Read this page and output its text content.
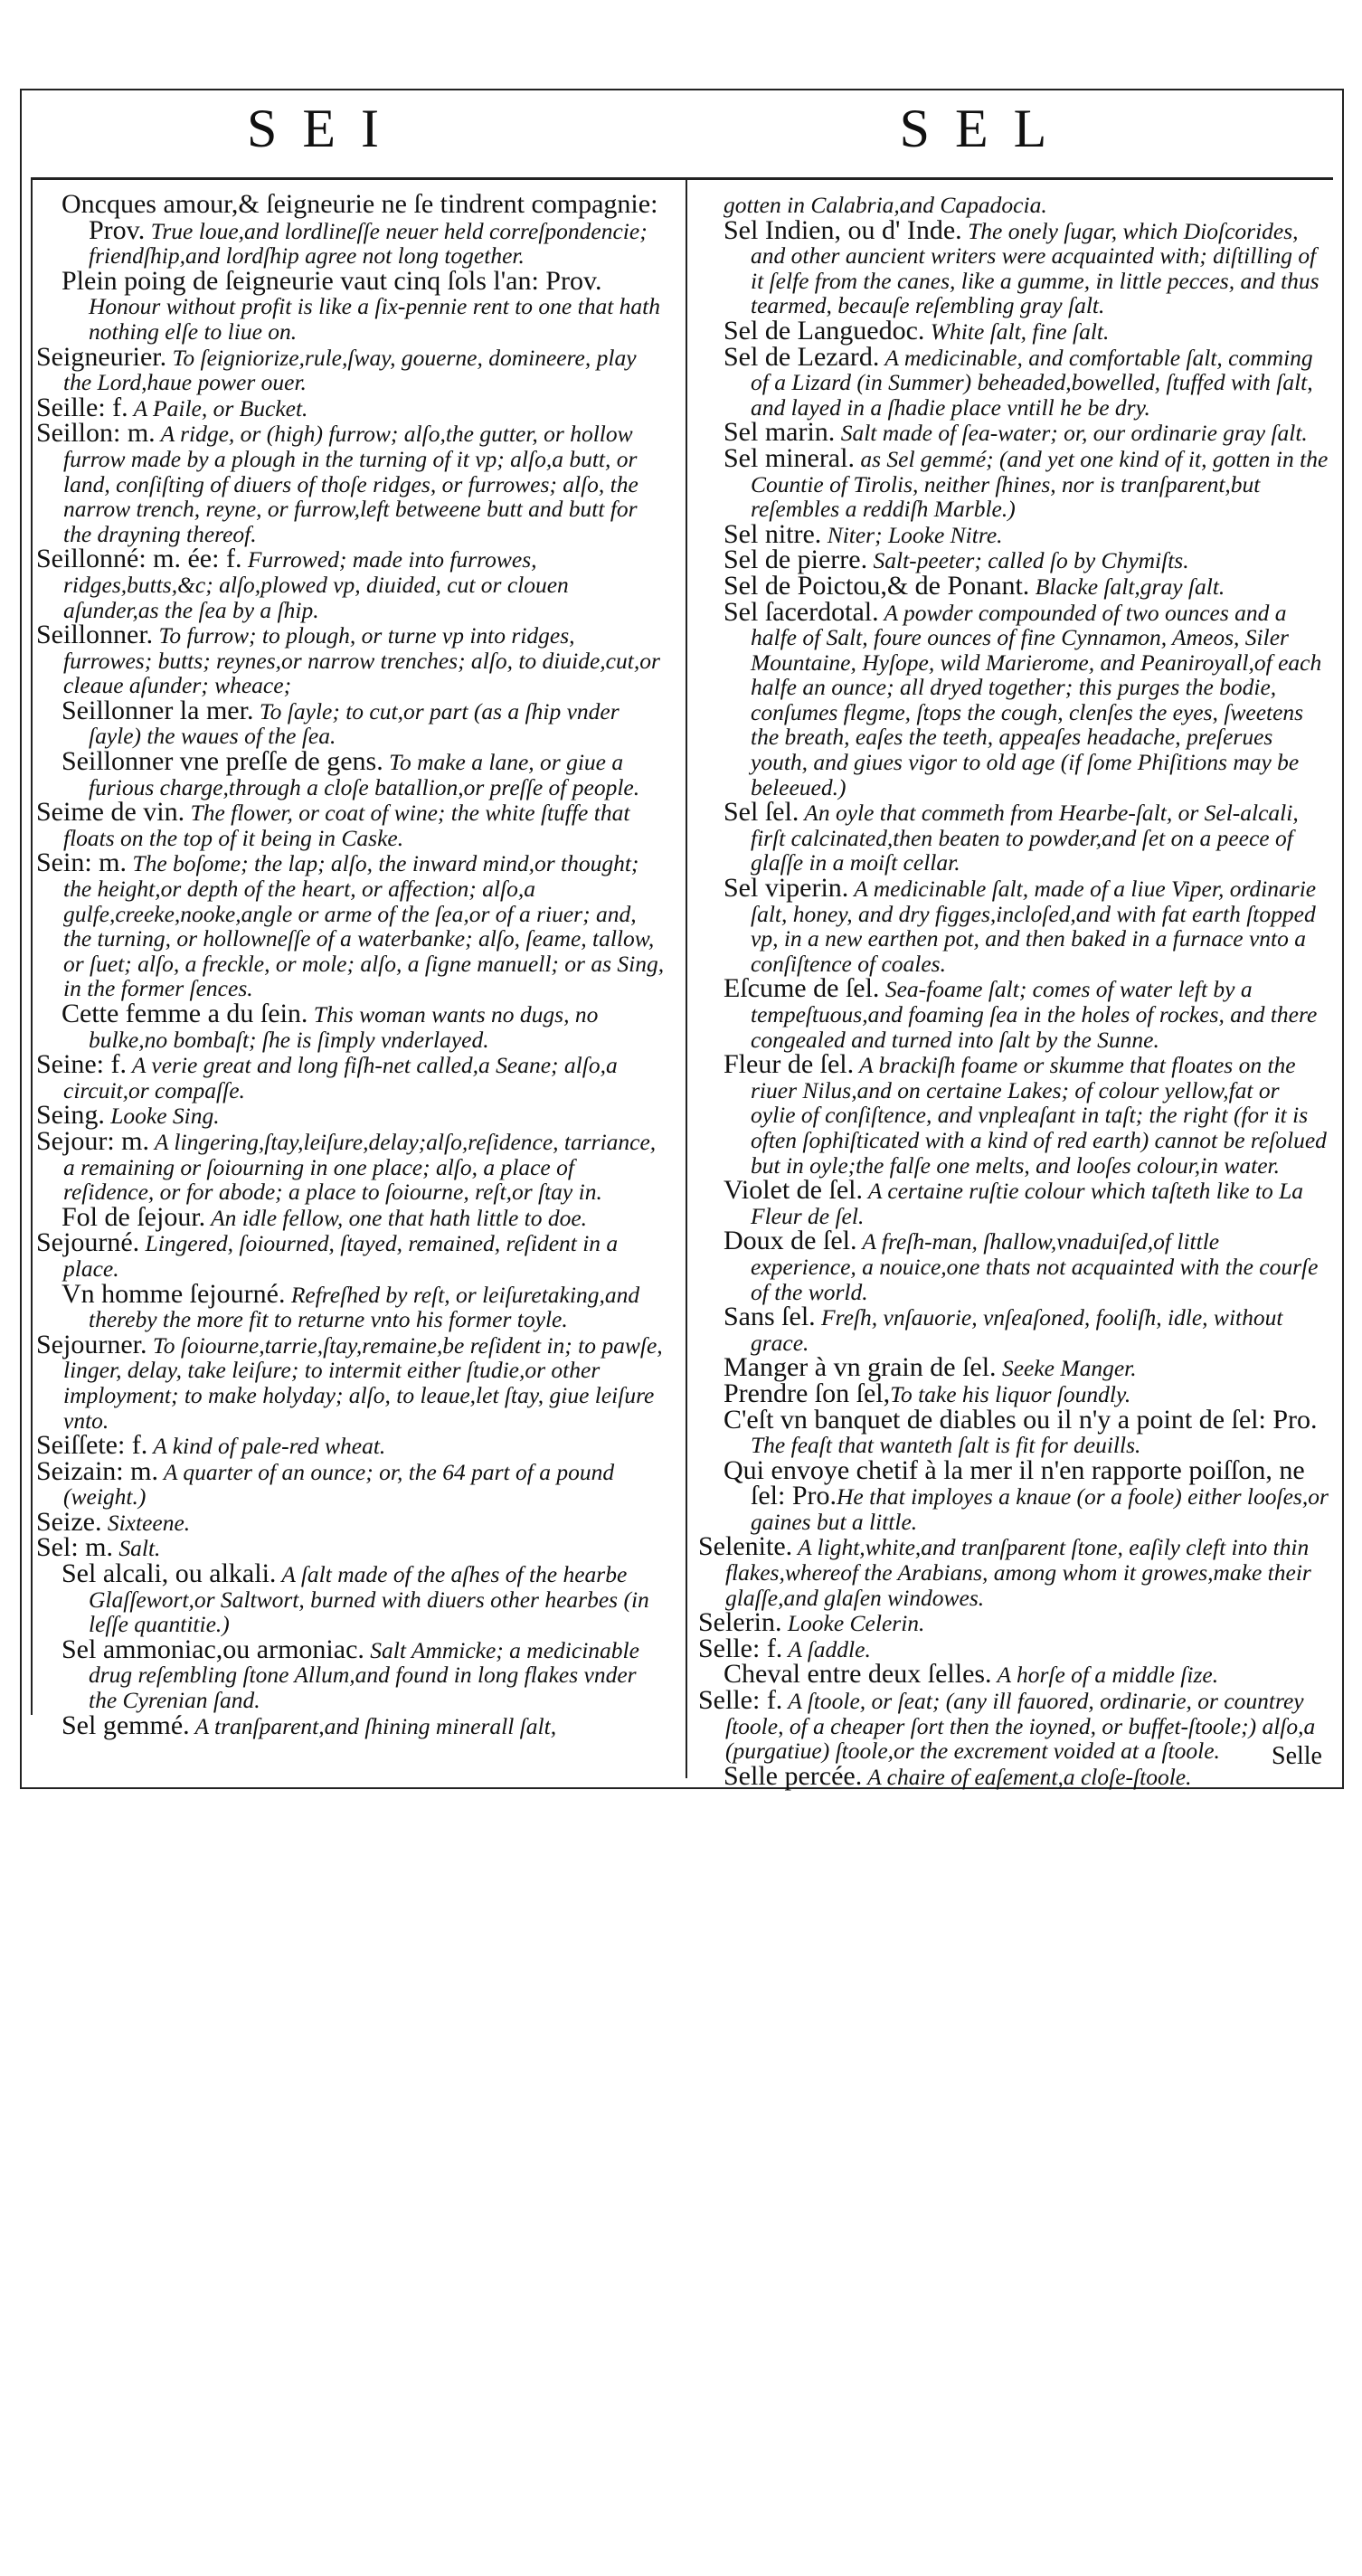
SEI	SEL

Oncques amour,& ſeigneurie ne ſe tindrent compagnie: Prov. True loue,and lordlineſſe neuer held correſpondencie; friendſhip,and lordſhip agree not long together.

Plein poing de ſeigneurie vaut cinq ſols l'an: Prov. Honour without profit is like a ſix-pennie rent to one that hath nothing elſe to liue on.

Seigneurier. To ſeigniorize,rule,ſway, gouerne, domineere, play the Lord,haue power ouer.

Seille: f. A Paile, or Bucket.

Seillon: m. A ridge, or (high) furrow; alſo,the gutter, or hollow furrow made by a plough in the turning of it vp; alſo,a butt, or land, conſiſting of diuers of thoſe ridges, or furrowes; alſo, the narrow trench, reyne, or furrow,left betweene butt and butt for the drayning thereof.

Seillonné: m. ée: f. Furrowed; made into furrowes, ridges,butts,&c; alſo,plowed vp, diuided, cut or clouen aſunder,as the ſea by a ſhip.

Seillonner. To furrow; to plough, or turne vp into ridges, furrowes; butts; reynes,or narrow trenches; alſo, to diuide,cut,or cleaue aſunder; wheace;

Seillonner la mer. To ſayle; to cut,or part (as a ſhip vnder ſayle) the waues of the ſea.

Seillonner vne preſſe de gens. To make a lane, or giue a furious charge,through a cloſe batallion,or preſſe of people.

Seime de vin. The flower, or coat of wine; the white ſtuffe that floats on the top of it being in Caske.

Sein: m. The boſome; the lap; alſo, the inward mind,or thought; the height,or depth of the heart, or affection; alſo,a gulfe,creeke,nooke,angle or arme of the ſea,or of a riuer; and, the turning, or hollowneſſe of a waterbanke; alſo, ſeame, tallow, or ſuet; alſo, a freckle, or mole; alſo, a ſigne manuell; or as Sing, in the former ſences.

Cette femme a du ſein. This woman wants no dugs, no bulke,no bombaſt; ſhe is ſimply vnderlayed.

Seine: f. A verie great and long fiſh-net called,a Seane; alſo,a circuit,or compaſſe.

Seing. Looke Sing.

Sejour: m. A lingering,ſtay,leiſure,delay;alſo,reſidence, tarriance, a remaining or ſoiourning in one place; alſo, a place of reſidence, or for abode; a place to ſoiourne, reſt,or ſtay in.

Fol de ſejour. An idle fellow, one that hath little to doe.

Sejourné. Lingered, ſoiourned, ſtayed, remained, reſident in a place.

Vn homme ſejourné. Refreſhed by reſt, or leiſuretaking,and thereby the more fit to returne vnto his former toyle.

Sejourner. To ſoiourne,tarrie,ſtay,remaine,be reſident in; to pawſe, linger, delay, take leiſure; to intermit either ſtudie,or other imployment; to make holyday; alſo, to leaue,let ſtay, giue leiſure vnto.

Seiſſete: f. A kind of pale-red wheat.

Seizain: m. A quarter of an ounce; or, the 64 part of a pound (weight.)

Seize. Sixteene.

Sel: m. Salt.

Sel alcali, ou alkali. A ſalt made of the aſhes of the hearbe Glaſſewort,or Saltwort, burned with diuers other hearbes (in leſſe quantitie.)

Sel ammoniac,ou armoniac. Salt Ammicke; a medicinable drug reſembling ſtone Allum,and found in long flakes vnder the Cyrenian ſand.

Sel gemmé. A tranſparent,and ſhining minerall ſalt,

gotten in Calabria,and Capadocia.

Sel Indien, ou d' Inde. The onely ſugar, which Dioſcorides, and other auncient writers were acquainted with; diſtilling of it ſelfe from the canes, like a gumme, in little pecces, and thus tearmed, becauſe reſembling gray ſalt.

Sel de Languedoc. White ſalt, fine ſalt.

Sel de Lezard. A medicinable, and comfortable ſalt, comming of a Lizard (in Summer) beheaded,bowelled, ſtuffed with ſalt, and layed in a ſhadie place vntill he be dry.

Sel marin. Salt made of ſea-water; or, our ordinarie gray ſalt.

Sel mineral. as Sel gemmé; (and yet one kind of it, gotten in the Countie of Tirolis, neither ſhines, nor is tranſparent,but reſembles a reddiſh Marble.)

Sel nitre. Niter; Looke Nitre.

Sel de pierre. Salt-peeter; called ſo by Chymiſts.

Sel de Poictou,& de Ponant. Blacke ſalt,gray ſalt.

Sel ſacerdotal. A powder compounded of two ounces and a halfe of Salt, foure ounces of fine Cynnamon, Ameos, Siler Mountaine, Hyſope, wild Marierome, and Peaniroyall,of each halfe an ounce; all dryed together; this purges the bodie, conſumes flegme, ſtops the cough, clenſes the eyes, ſweetens the breath, eaſes the teeth, appeaſes headache, preſerues youth, and giues vigor to old age (if ſome Phiſitions may be beleeued.)

Sel ſel. An oyle that commeth from Hearbe-ſalt, or Sel-alcali, firſt calcinated,then beaten to powder,and ſet on a peece of glaſſe in a moiſt cellar.

Sel viperin. A medicinable ſalt, made of a liue Viper, ordinarie ſalt, honey, and dry figges,incloſed,and with fat earth ſtopped vp, in a new earthen pot, and then baked in a furnace vnto a conſiſtence of coales.

Eſcume de ſel. Sea-foame ſalt; comes of water left by a tempeſtuous,and foaming ſea in the holes of rockes, and there congealed and turned into ſalt by the Sunne.

Fleur de ſel. A brackiſh foame or skumme that floates on the riuer Nilus,and on certaine Lakes; of colour yellow,fat or oylie of conſiſtence, and vnpleaſant in taſt; the right (for it is often ſophiſticated with a kind of red earth) cannot be reſolued but in oyle;the falſe one melts, and looſes colour,in water.

Violet de ſel. A certaine ruſtie colour which taſteth like to La Fleur de ſel.

Doux de ſel. A freſh-man, ſhallow,vnaduiſed,of little experience, a nouice,one thats not acquainted with the courſe of the world.

Sans ſel. Freſh, vnſauorie, vnſeaſoned, fooliſh, idle, without grace.

Manger à vn grain de ſel. Seeke Manger.

Prendre ſon ſel,To take his liquor ſoundly.

C'eſt vn banquet de diables ou il n'y a point de ſel: Pro. The feaſt that wanteth ſalt is fit for deuills.

Qui envoye chetif à la mer il n'en rapporte poiſſon, ne ſel: Pro.He that imployes a knaue (or a foole) either looſes,or gaines but a little.

Selenite. A light,white,and tranſparent ſtone, eaſily cleft into thin flakes,whereof the Arabians, among whom it growes,make their glaſſe,and glaſen windowes.

Selerin. Looke Celerin.

Selle: f. A ſaddle.

Cheval entre deux ſelles. A horſe of a middle ſize.

Selle: f. A ſtoole, or ſeat; (any ill fauored, ordinarie, or countrey ſtoole, of a cheaper ſort then the ioyned, or buffet-ſtoole;) alſo,a (purgatiue) ſtoole,or the excrement voided at a ſtoole.

Selle percée. A chaire of eaſement,a cloſe-ſtoole.

Selle
